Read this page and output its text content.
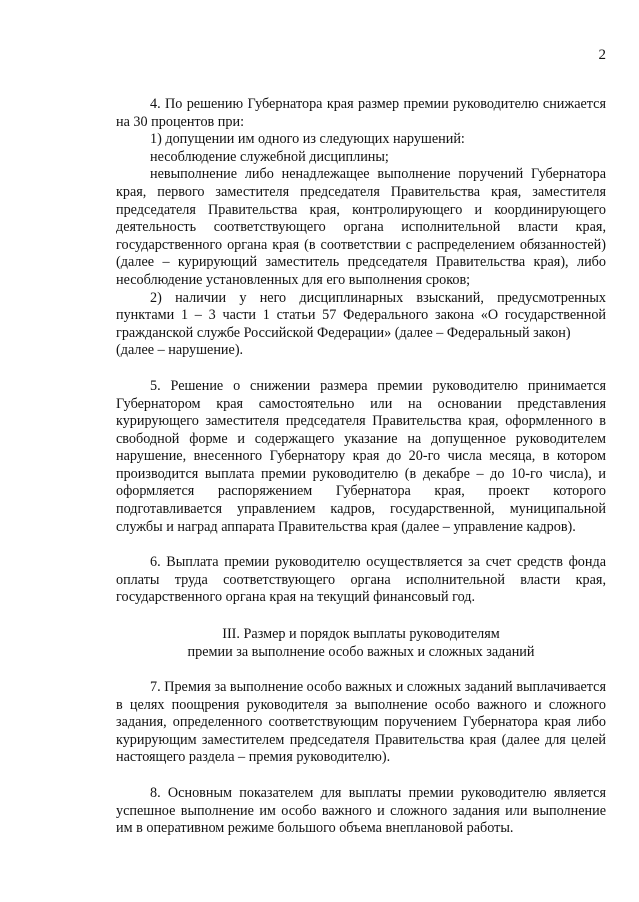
2

4. По решению Губернатора края размер премии руководителю снижается на 30 процентов при:

1) допущении им одного из следующих нарушений:

несоблюдение служебной дисциплины;

невыполнение либо ненадлежащее выполнение поручений Губернатора края, первого заместителя председателя Правительства края, заместителя председателя Правительства края, контролирующего и координирующего деятельность соответствующего органа исполнительной власти края, государственного органа края (в соответствии с распределением обязанностей) (далее – курирующий заместитель председателя Правительства края), либо несоблюдение установленных для его выполнения сроков;

2) наличии у него дисциплинарных взысканий, предусмотренных пунктами 1 – 3 части 1 статьи 57 Федерального закона «О государственной гражданской службе Российской Федерации» (далее – Федеральный закон)

(далее – нарушение).

5. Решение о снижении размера премии руководителю принимается Губернатором края самостоятельно или на основании представления курирующего заместителя председателя Правительства края, оформленного в свободной форме и содержащего указание на допущенное руководителем нарушение, внесенного Губернатору края до 20-го числа месяца, в котором производится выплата премии руководителю (в декабре – до 10-го числа), и оформляется распоряжением Губернатора края, проект которого подготавливается управлением кадров, государственной, муниципальной службы и наград аппарата Правительства края (далее – управление кадров).

6. Выплата премии руководителю осуществляется за счет средств фонда оплаты труда соответствующего органа исполнительной власти края, государственного органа края на текущий финансовый год.

III. Размер и порядок выплаты руководителям
премии за выполнение особо важных и сложных заданий

7. Премия за выполнение особо важных и сложных заданий выплачивается в целях поощрения руководителя за выполнение особо важного и сложного задания, определенного соответствующим поручением Губернатора края либо курирующим заместителем председателя Правительства края (далее для целей настоящего раздела – премия руководителю).

8. Основным показателем для выплаты премии руководителю является успешное выполнение им особо важного и сложного задания или выполнение им в оперативном режиме большого объема внеплановой работы.
